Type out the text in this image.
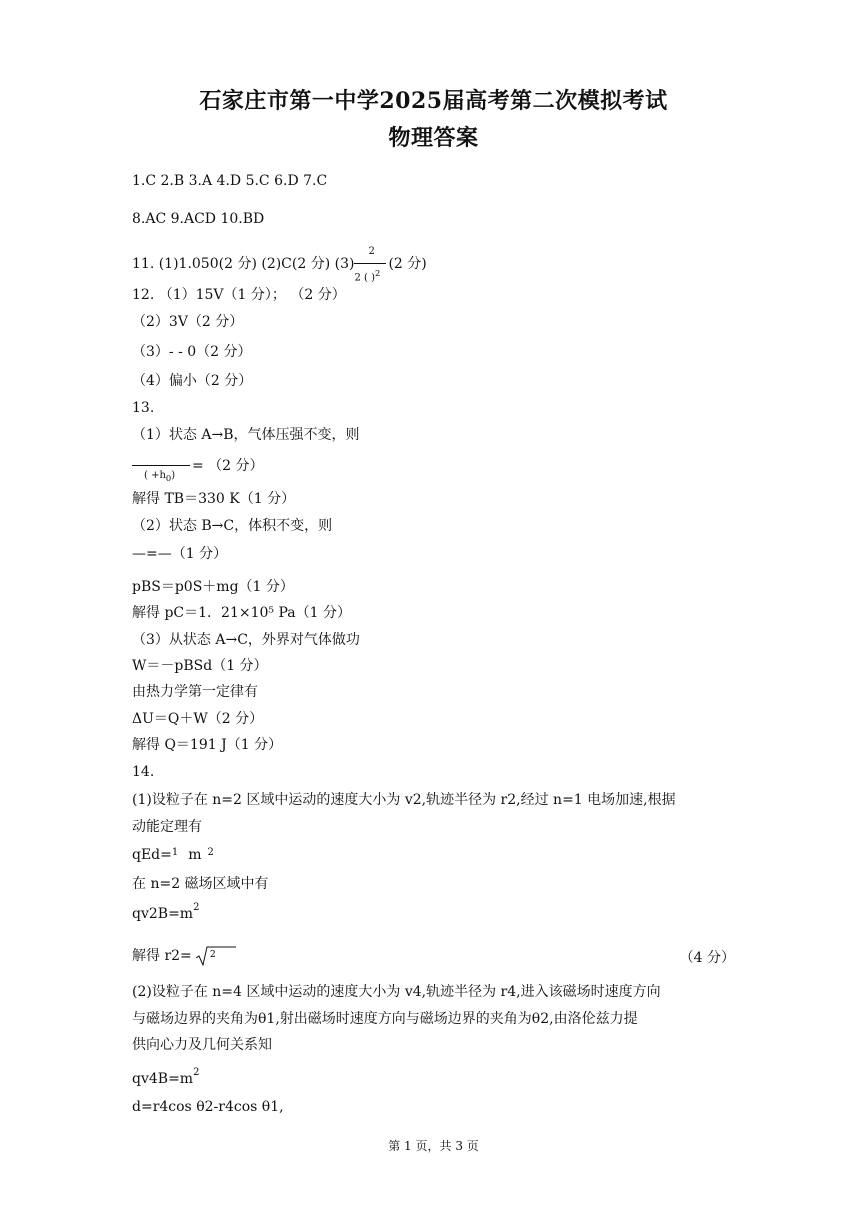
石家庄市第一中学2025届高考第二次模拟考试
物理答案
1.C 2.B 3.A 4.D 5.C 6.D 7.C
8.AC 9.ACD 10.BD
11. (1)1.050(2 分) (2)C(2 分) $(3) \frac{2}{2 ( )^2} (2$ 分)
12. （1）15V（1 分）； （2 分）
（2）3V（2 分）
（3）- - 0（2 分）
（4）偏小（2 分）
13.
（1）状态 A→B，气体压强不变，则
( $+h_0$)
= （2 分）
解得 TB＝330 K（1 分）
（2）状态 B→C，体积不变，则
—=—（1 分）
pBS＝p0S＋mg（1 分）
解得 pC＝1．21×10⁵ Pa（1 分）
（3）从状态 A→C，外界对气体做功
W＝－pBSd（1 分）
由热力学第一定律有
ΔU＝Q＋W（2 分）
解得 Q＝191 J（1 分）
14.
(1)设粒子在 n=2 区域中运动的速度大小为 v2,轨迹半径为 r2,经过 n=1 电场加速,根据
动能定理有
qEd=$^1$ m $^2$
在 n=2 磁场区域中有
$qv2B=m^2$
解得 r2= 2	（4 分）
(2)设粒子在 n=4 区域中运动的速度大小为 v4,轨迹半径为 r4,进入该磁场时速度方向
与磁场边界的夹角为θ1,射出磁场时速度方向与磁场边界的夹角为θ2,由洛伦兹力提
供向心力及几何关系知
$qv4B=m^2$
d=r4cos θ2-r4cos θ1,
第 1 页，共 3 页
